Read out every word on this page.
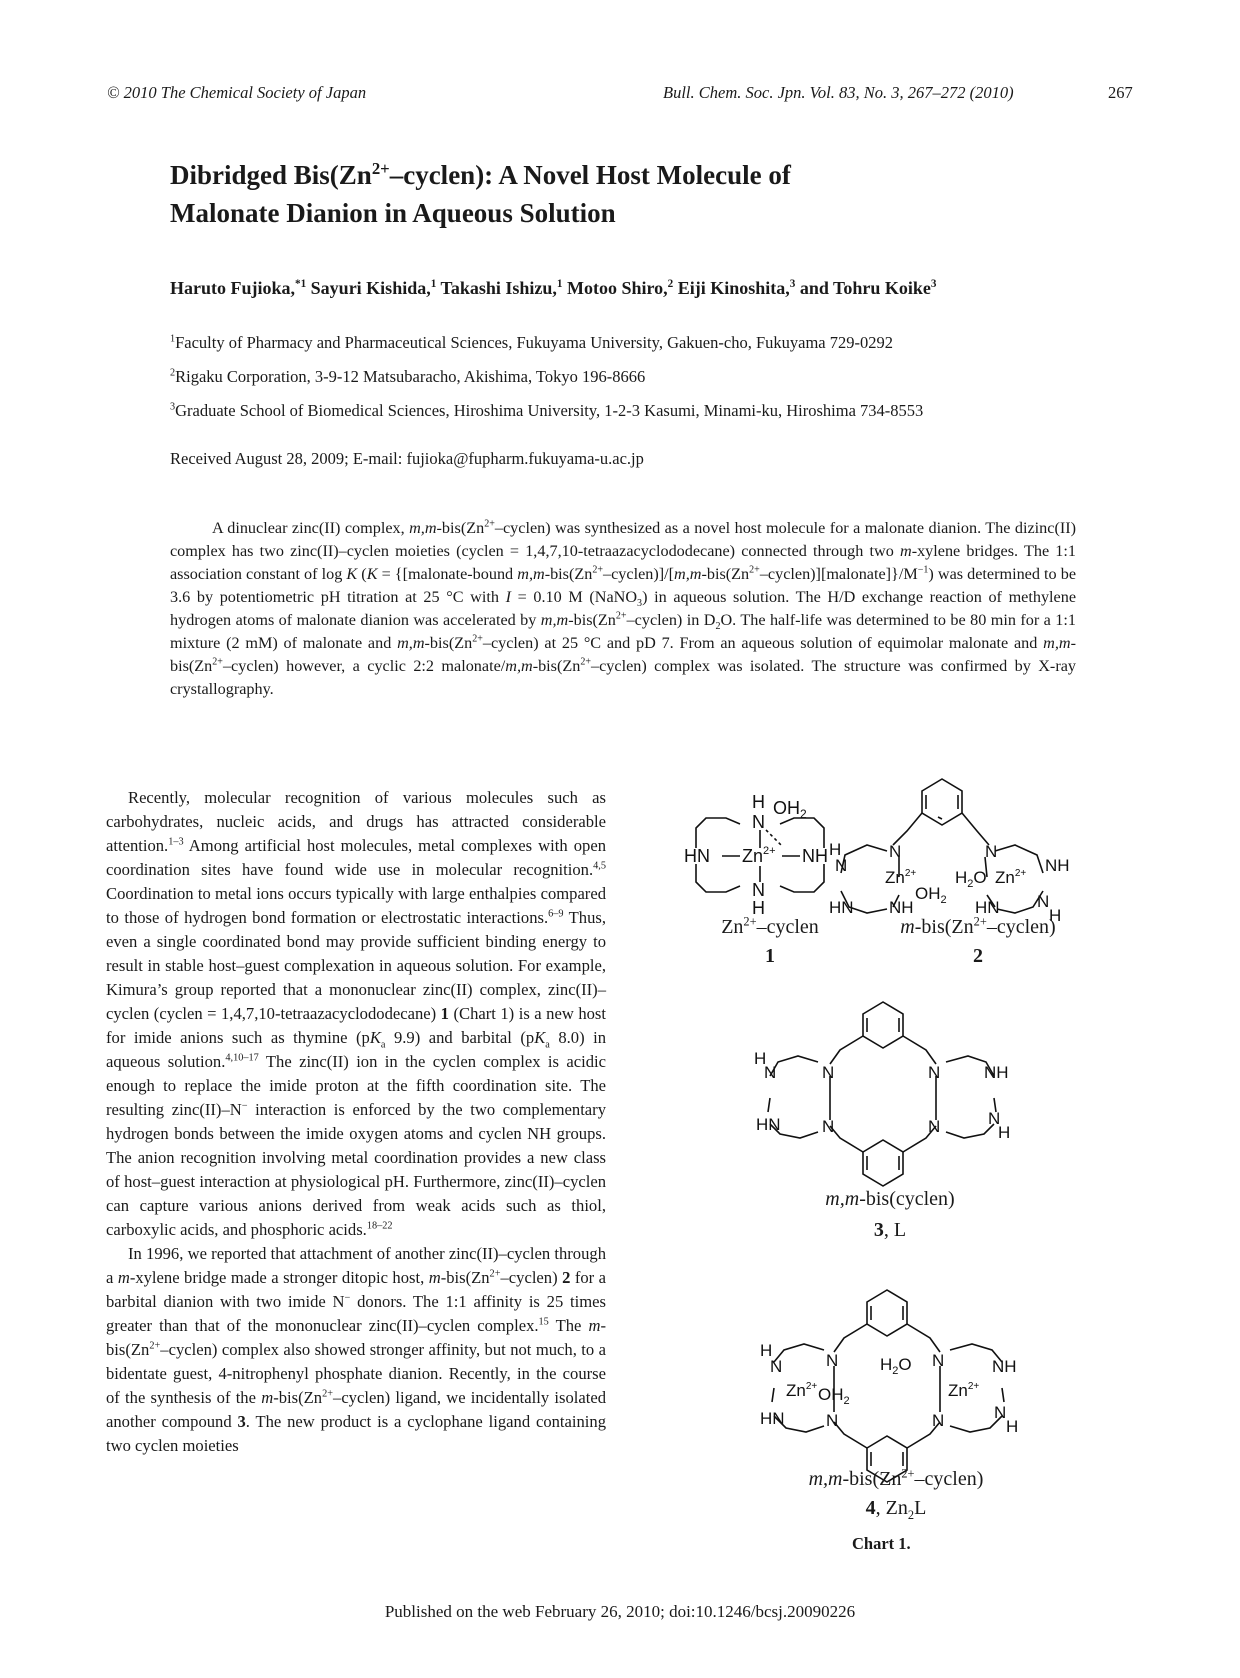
© 2010 The Chemical Society of Japan	Bull. Chem. Soc. Jpn. Vol. 83, No. 3, 267–272 (2010)	267
Dibridged $Bis(Zn^{2+}-cyclen)$: A Novel Host Molecule of
Malonate Dianion in Aqueous Solution
Haruto Fujioka,$^{*1}$ Sayuri Kishida,$^1$ Takashi Ishizu,$^1$ Motoo Shiro,$^2$ Eiji Kinoshita,$^3$ and Tohru Koike$^3$
$^1$Faculty of Pharmacy and Pharmaceutical Sciences, Fukuyama University, Gakuen-cho, Fukuyama 729-0292
$^2$Rigaku Corporation, 3-9-12 Matsubaracho, Akishima, Tokyo 196-8666
$^3$Graduate School of Biomedical Sciences, Hiroshima University, 1-2-3 Kasumi, Minami-ku, Hiroshima 734-8553
Received August 28, 2009; E-mail: fujioka@fupharm.fukuyama-u.ac.jp

A dinuclear zinc(II) complex, $m,m-bis(Zn^{2+}-cyclen)$ was synthesized as a novel host molecule for a malonate dianion. The dizinc(II) complex has two zinc(II)–cyclen moieties (cyclen = 1,4,7,10-tetraazacyclododecane) connected through two m-xylene bridges. The 1:1 association constant of log K (K = {[malonate-bound $m,m-bis(Zn^{2+}-cyclen)]/[m,m-bis(Zn^{2+}-cyclen)][malonate]\}/M^{-1}$) was determined to be 3.6 by potentiometric pH titration at 25 °C with I = 0.10 M (NaNO$_3$) in aqueous solution. The H/D exchange reaction of methylene hydrogen atoms of malonate dianion was accelerated by $m,m-bis(Zn^{2+}-cyclen)$ in $D_2O$. The half-life was determined to be 80 min for a 1:1 mixture (2 mM) of malonate and $m,m-bis(Zn^{2+}-cyclen)$ at 25 °C and pD 7. From an aqueous solution of equimolar malonate and $m,m-bis(Zn^{2+}-cyclen)$ however, a cyclic 2:2 malonate/$m,m-bis(Zn^{2+}-cyclen)$ complex was isolated. The structure was confirmed by X-ray crystallography.

Recently, molecular recognition of various molecules such as carbohydrates, nucleic acids, and drugs has attracted considerable attention.$^{1-3}$ Among artificial host molecules, metal complexes with open coordination sites have found wide use in molecular recognition.$^{4,5}$ Coordination to metal ions occurs typically with large enthalpies compared to those of hydrogen bond formation or electrostatic interactions.$^{6-9}$ Thus, even a single coordinated bond may provide sufficient binding energy to result in stable host–guest complexation in aqueous solution. For example, Kimura’s group reported that a mononuclear zinc(II) complex, zinc(II)–cyclen (cyclen = 1,4,7,10-tetraazacyclododecane) 1 (Chart 1) is a new host for imide anions such as thymine ($pK_a$ 9.9) and barbital ($pK_a$ 8.0) in aqueous solution.$^{4,10-17}$ The zinc(II) ion in the cyclen complex is acidic enough to replace the imide proton at the fifth coordination site. The resulting zinc(II)–N− interaction is enforced by the two complementary hydrogen bonds between the imide oxygen atoms and cyclen NH groups. The anion recognition involving metal coordination provides a new class of host–guest interaction at physiological pH. Furthermore, zinc(II)–cyclen can capture various anions derived from weak acids such as thiol, carboxylic acids, and phosphoric acids.$^{18-22}$

In 1996, we reported that attachment of another zinc(II)–cyclen through a m-xylene bridge made a stronger ditopic host, $m-bis(Zn^{2+}-cyclen)$ 2 for a barbital dianion with two imide N− donors. The 1:1 affinity is 25 times greater than that of the mononuclear zinc(II)–cyclen complex.$^{15}$ The $m-bis(Zn^{2+}-cyclen)$ complex also showed stronger affinity, but not much, to a bidentate guest, 4-nitrophenyl phosphate dianion. Recently, in the course of the synthesis of the $m-bis(Zn^{2+}-cyclen)$ ligand, we incidentally isolated another compound 3. The new product is a cyclophane ligand containing two cyclen moieties

H
N
$OH_2$
HN $Zn^{2+}$ NH
N
H
N
H
N
$Zn^{2+}$
$OH_2$
HN NH
N
$H_2O$ $Zn^{2+}$ NH
HN N
H
N
N
H
N
HN
N
N
NH
N
H
N
N
H
N
$Zn^{2+}$ $OH_2$
HN
N
N
$H_2O$
$Zn^{2+}$
NH
N
H
$Zn^{2+}$–cyclen
1
$m-bis(Zn^{2+}-cyclen)$
2
m,m-bis(cyclen)
3, L
$m,m-bis(Zn^{2+}-cyclen)$
4, $Zn_2L$
Chart 1.
Published on the web February 26, 2010; doi:10.1246/bcsj.20090226
